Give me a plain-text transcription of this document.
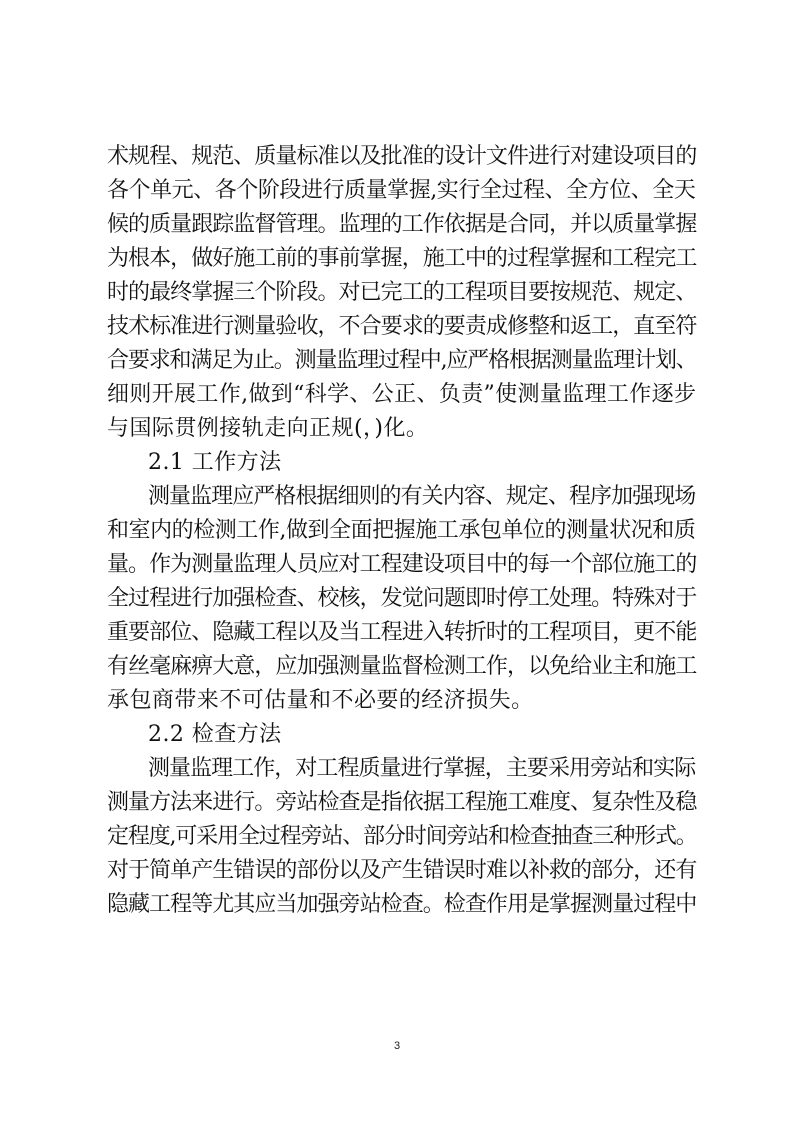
术规程、规范、质量标准以及批准的设计文件进行对建设项目的
各个单元、各个阶段进行质量掌握,实行全过程、全方位、全天
候的质量跟踪监督管理。监理的工作依据是合同，并以质量掌握
为根本，做好施工前的事前掌握，施工中的过程掌握和工程完工
时的最终掌握三个阶段。对已完工的工程项目要按规范、规定、
技术标准进行测量验收，不合要求的要责成修整和返工，直至符
合要求和满足为止。测量监理过程中,应严格根据测量监理计划、
细则开展工作,做到“科学、公正、负责”使测量监理工作逐步
与国际贯例接轨走向正规(，)化。
2.1 工作方法
测量监理应严格根据细则的有关内容、规定、程序加强现场
和室内的检测工作,做到全面把握施工承包单位的测量状况和质
量。作为测量监理人员应对工程建设项目中的每一个部位施工的
全过程进行加强检查、校核，发觉问题即时停工处理。特殊对于
重要部位、隐藏工程以及当工程进入转折时的工程项目，更不能
有丝毫麻痹大意，应加强测量监督检测工作，以免给业主和施工
承包商带来不可估量和不必要的经济损失。
2.2 检查方法
测量监理工作，对工程质量进行掌握，主要采用旁站和实际
测量方法来进行。旁站检查是指依据工程施工难度、复杂性及稳
定程度,可采用全过程旁站、部分时间旁站和检查抽查三种形式。
对于简单产生错误的部份以及产生错误时难以补救的部分，还有
隐藏工程等尤其应当加强旁站检查。检查作用是掌握测量过程中
3
